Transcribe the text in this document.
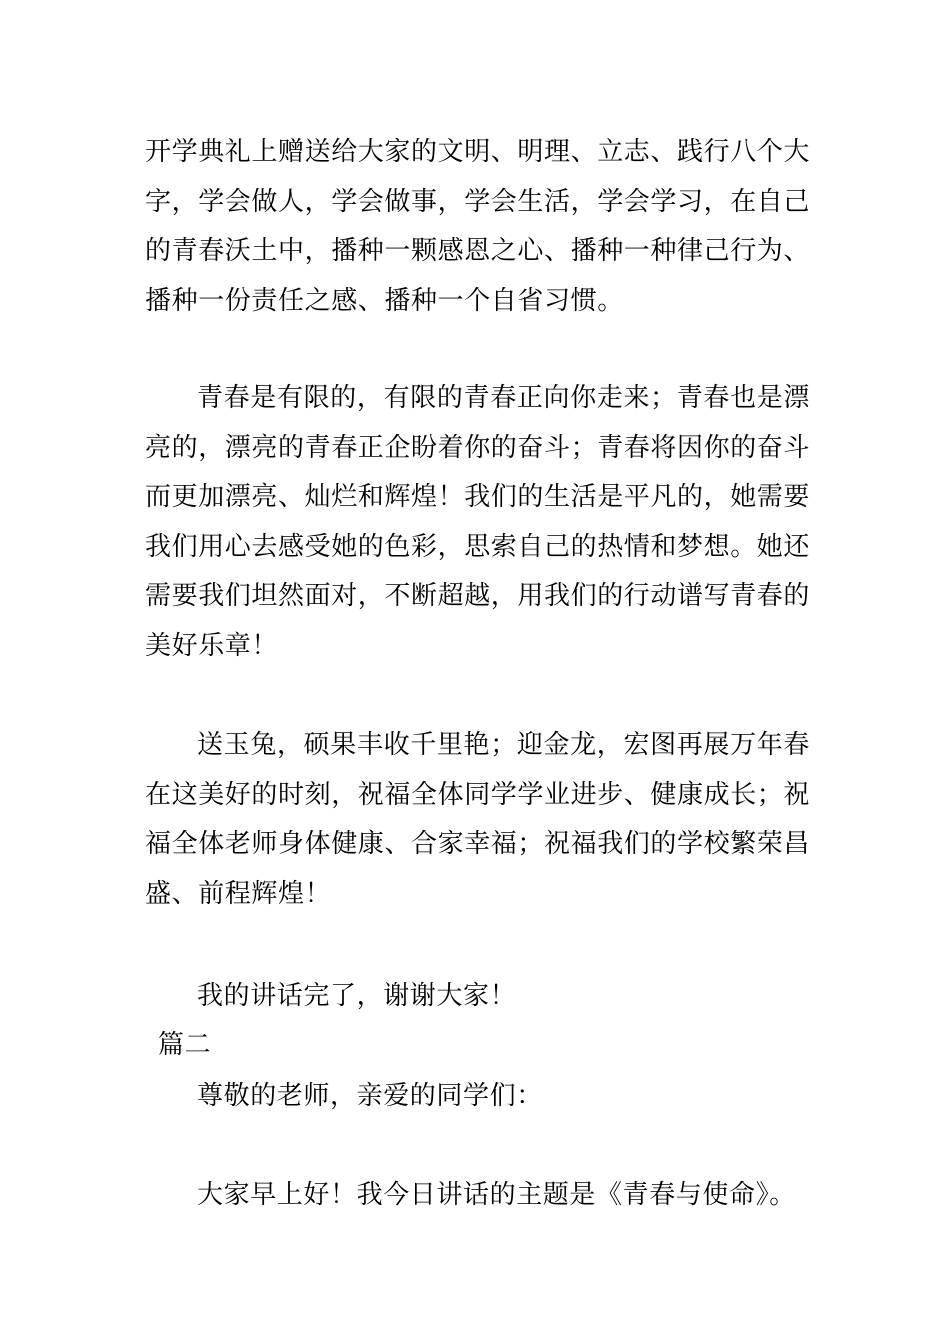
开学典礼上赠送给大家的文明、明理、立志、践行八个大字，学会做人，学会做事，学会生活，学会学习，在自己的青春沃土中，播种一颗感恩之心、播种一种律己行为、播种一份责任之感、播种一个自省习惯。

青春是有限的，有限的青春正向你走来；青春也是漂亮的，漂亮的青春正企盼着你的奋斗；青春将因你的奋斗而更加漂亮、灿烂和辉煌！我们的生活是平凡的，她需要我们用心去感受她的色彩，思索自己的热情和梦想。她还需要我们坦然面对，不断超越，用我们的行动谱写青春的美好乐章！

送玉兔，硕果丰收千里艳；迎金龙，宏图再展万年春在这美好的时刻，祝福全体同学学业进步、健康成长；祝福全体老师身体健康、合家幸福；祝福我们的学校繁荣昌盛、前程辉煌！

我的讲话完了，谢谢大家！

篇二

尊敬的老师，亲爱的同学们：

大家早上好！我今日讲话的主题是《青春与使命》。
